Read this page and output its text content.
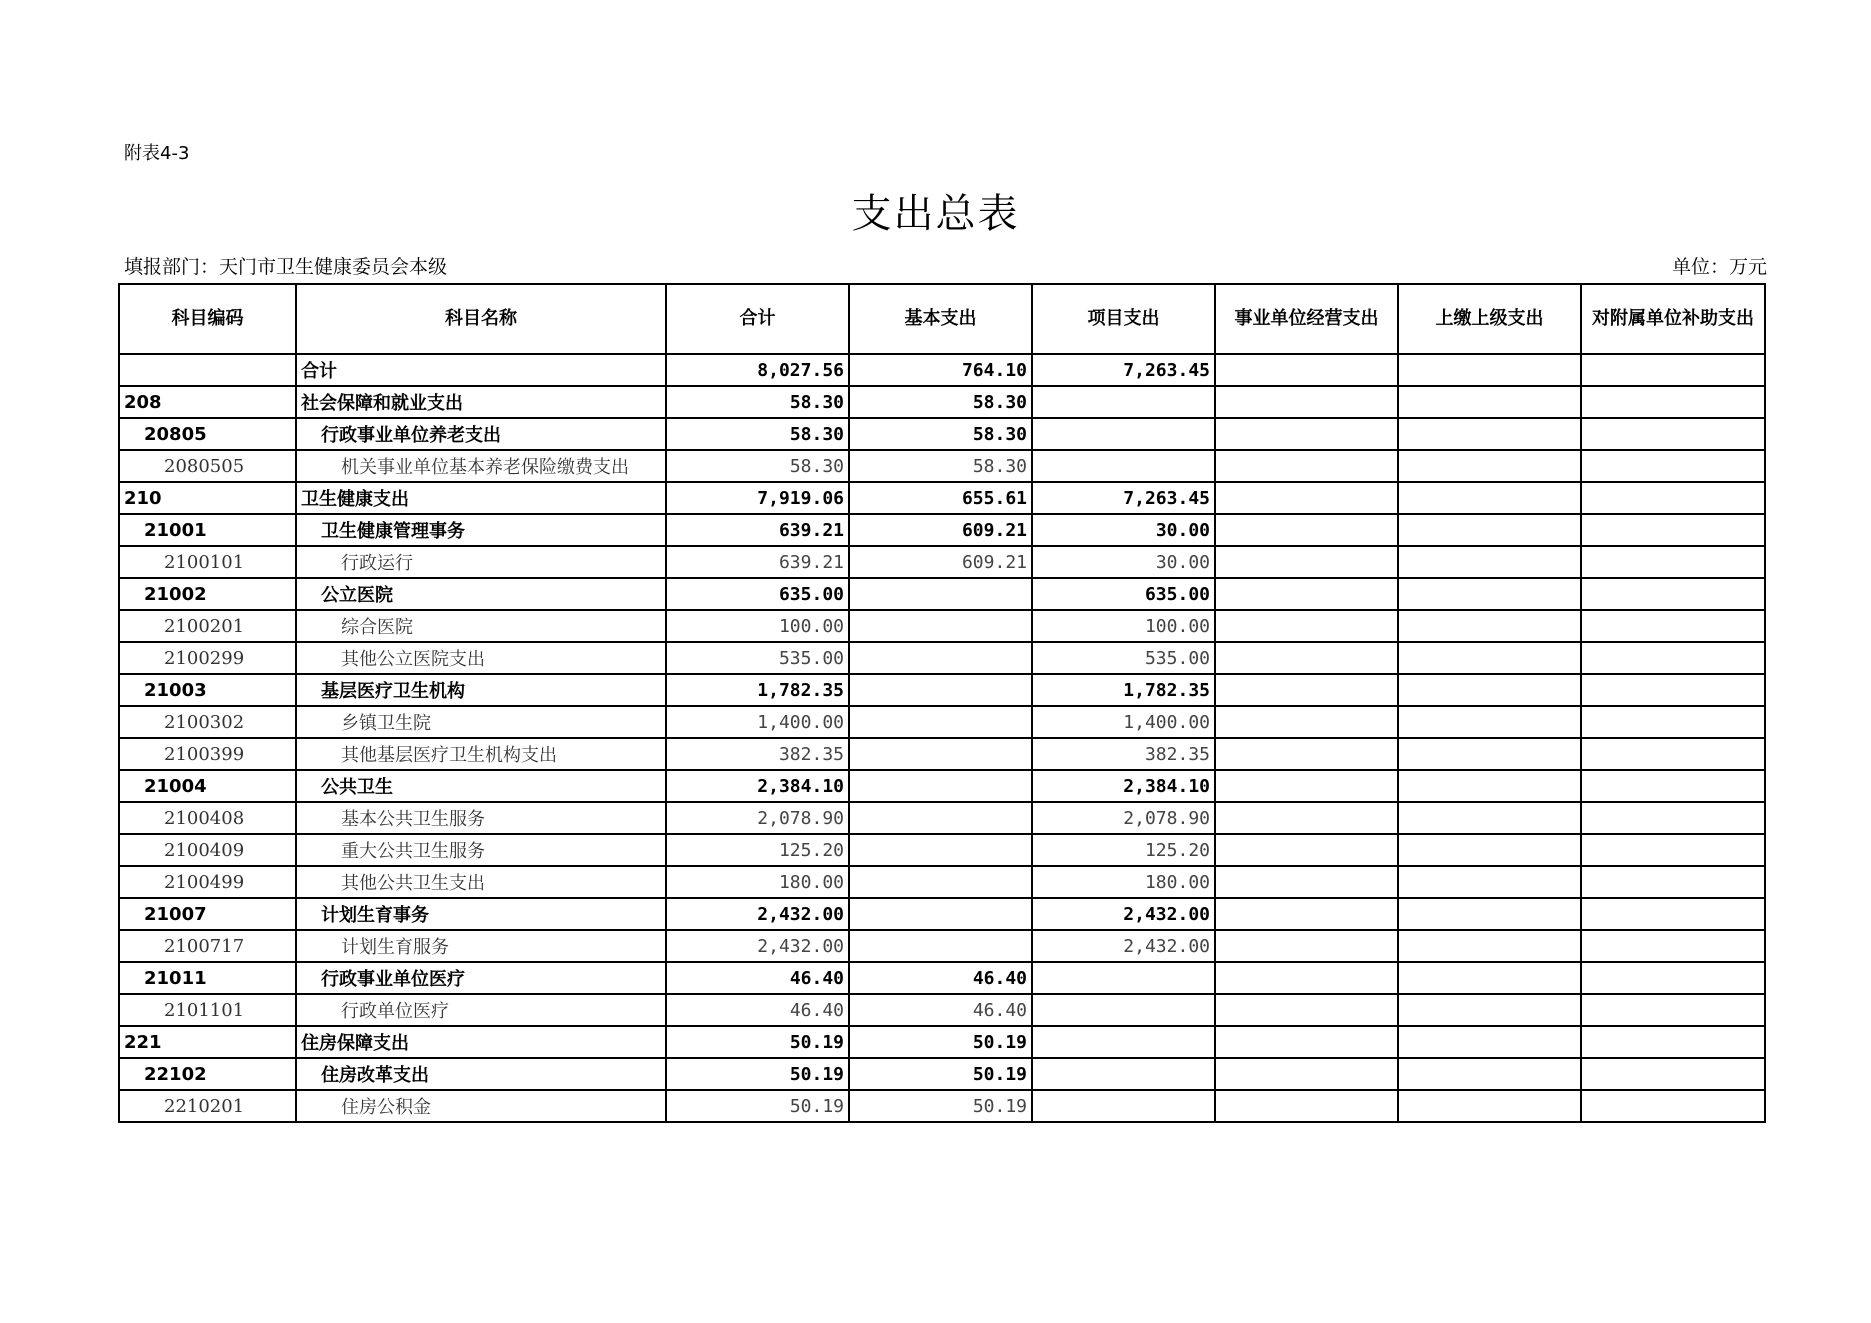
附表4-3
支出总表
填报部门：天门市卫生健康委员会本级	单位：万元
科目编码	科目名称	合计	基本支出	项目支出	事业单位经营支出	上缴上级支出	对附属单位补助支出
	合计	8,027.56	764.10	7,263.45			
208	社会保障和就业支出	58.30	58.30				
20805	行政事业单位养老支出	58.30	58.30				
2080505	机关事业单位基本养老保险缴费支出	58.30	58.30				
210	卫生健康支出	7,919.06	655.61	7,263.45			
21001	卫生健康管理事务	639.21	609.21	30.00			
2100101	行政运行	639.21	609.21	30.00			
21002	公立医院	635.00		635.00			
2100201	综合医院	100.00		100.00			
2100299	其他公立医院支出	535.00		535.00			
21003	基层医疗卫生机构	1,782.35		1,782.35			
2100302	乡镇卫生院	1,400.00		1,400.00			
2100399	其他基层医疗卫生机构支出	382.35		382.35			
21004	公共卫生	2,384.10		2,384.10			
2100408	基本公共卫生服务	2,078.90		2,078.90			
2100409	重大公共卫生服务	125.20		125.20			
2100499	其他公共卫生支出	180.00		180.00			
21007	计划生育事务	2,432.00		2,432.00			
2100717	计划生育服务	2,432.00		2,432.00			
21011	行政事业单位医疗	46.40	46.40				
2101101	行政单位医疗	46.40	46.40				
221	住房保障支出	50.19	50.19				
22102	住房改革支出	50.19	50.19				
2210201	住房公积金	50.19	50.19				
